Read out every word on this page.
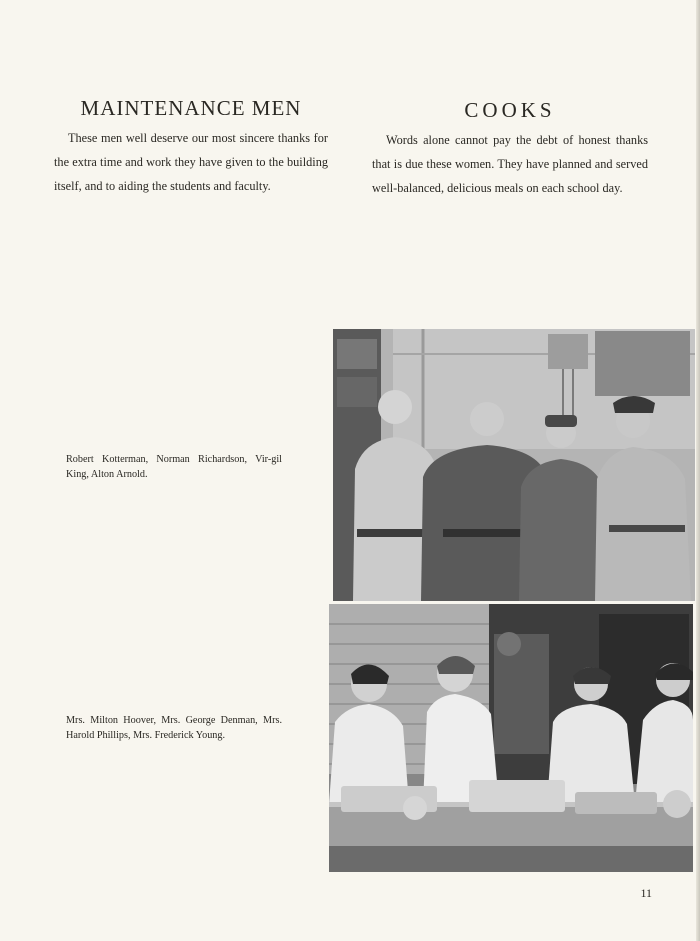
MAINTENANCE MEN

These men well deserve our most sincere thanks for the extra time and work they have given to the building itself, and to aiding the students and faculty.

COOKS

Words alone cannot pay the debt of honest thanks that is due these women. They have planned and served well-balanced, delicious meals on each school day.

Robert Kotterman, Norman Richardson, Vir-gil King, Alton Arnold.

Mrs. Milton Hoover, Mrs. George Denman, Mrs. Harold Phillips, Mrs. Frederick Young.

11
